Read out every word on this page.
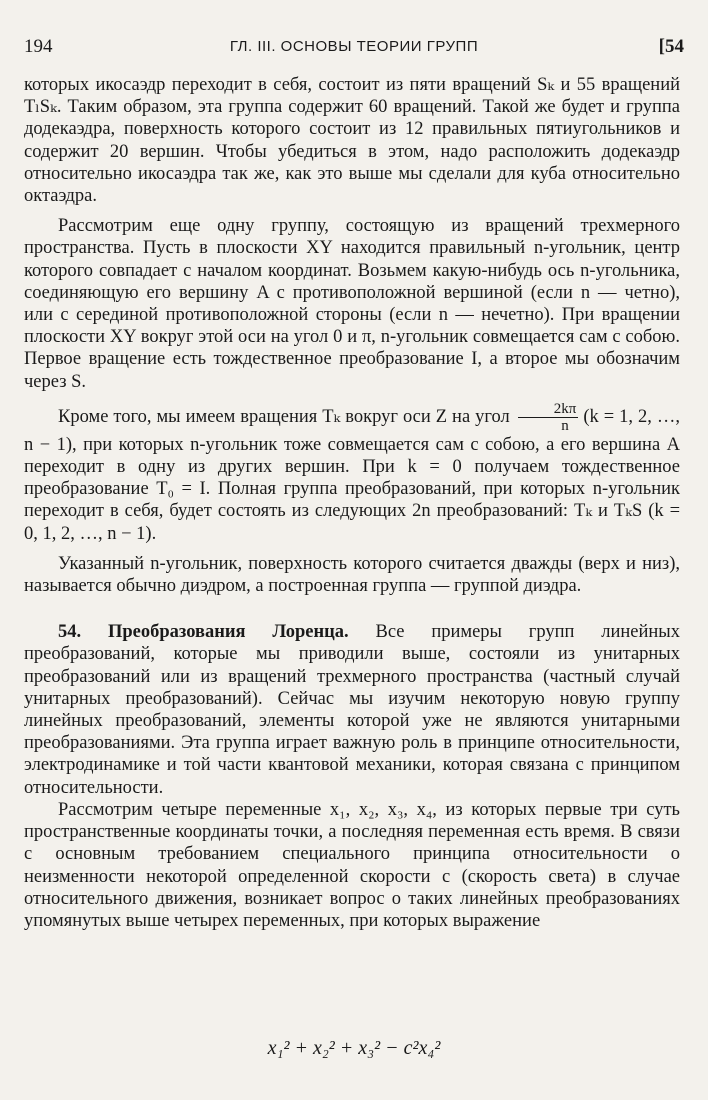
194	ГЛ. III. ОСНОВЫ ТЕОРИИ ГРУПП	[54

которых икосаэдр переходит в себя, состоит из пяти вращений Sₖ и 55 вращений TₗSₖ. Таким образом, эта группа содержит 60 вращений. Такой же будет и группа додекаэдра, поверхность которого состоит из 12 правильных пятиугольников и содержит 20 вершин. Чтобы убедиться в этом, надо расположить додекаэдр относительно икосаэдра так же, как это выше мы сделали для куба относительно октаэдра.

Рассмотрим еще одну группу, состоящую из вращений трехмерного пространства. Пусть в плоскости XY находится правильный n-угольник, центр которого совпадает с началом координат. Возьмем какую-нибудь ось n-угольника, соединяющую его вершину A с противоположной вершиной (если n — четно), или с серединой противоположной стороны (если n — нечетно). При вращении плоскости XY вокруг этой оси на угол 0 и π, n-угольник совмещается сам с собою. Первое вращение есть тождественное преобразование I, а второе мы обозначим через S.

Кроме того, мы имеем вращения Tₖ вокруг оси Z на угол $\frac{2k\pi}{n} (k = 1$, 2, …, n − 1), при которых n-угольник тоже совмещается сам с собою, а его вершина A переходит в одну из других вершин. При k = 0 получаем тождественное преобразование T₀ = I. Полная группа преобразований, при которых n-угольник переходит в себя, будет состоять из следующих 2n преобразований: Tₖ и TₖS (k = 0, 1, 2, …, n − 1).

Указанный n-угольник, поверхность которого считается дважды (верх и низ), называется обычно диэдром, а построенная группа — группой диэдра.

54. Преобразования Лоренца. Все примеры групп линейных преобразований, которые мы приводили выше, состояли из унитарных преобразований или из вращений трехмерного пространства (частный случай унитарных преобразований). Сейчас мы изучим некоторую новую группу линейных преобразований, элементы которой уже не являются унитарными преобразованиями. Эта группа играет важную роль в принципе относительности, электродинамике и той части квантовой механики, которая связана с принципом относительности.

Рассмотрим четыре переменные x₁, x₂, x₃, x₄, из которых первые три суть пространственные координаты точки, а последняя переменная есть время. В связи с основным требованием специального принципа относительности о неизменности некоторой определенной скорости c (скорость света) в случае относительного движения, возникает вопрос о таких линейных преобразованиях упомянутых выше четырех переменных, при которых выражение

x₁² + x₂² + x₃² − c²x₄²
